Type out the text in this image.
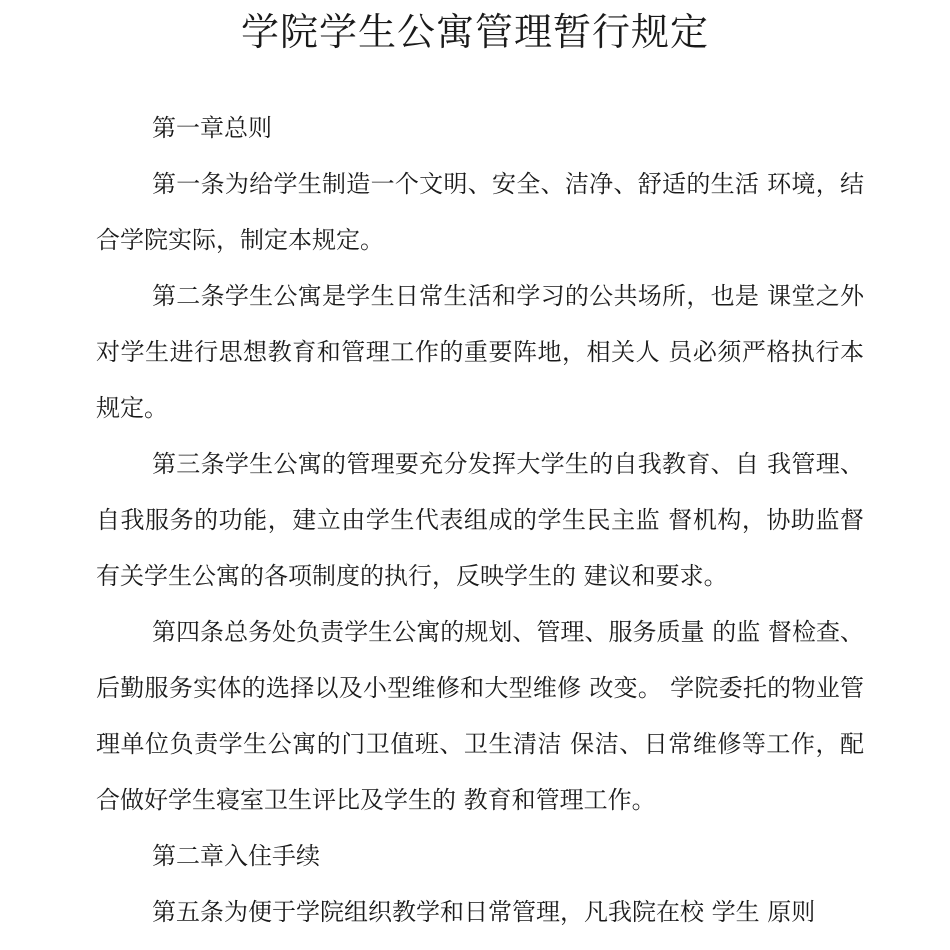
学院学生公寓管理暂行规定

第一章总则

第一条为给学生制造一个文明、安全、洁净、舒适的生活 环境，结合学院实际，制定本规定。

第二条学生公寓是学生日常生活和学习的公共场所，也是 课堂之外对学生进行思想教育和管理工作的重要阵地，相关人 员必须严格执行本规定。

第三条学生公寓的管理要充分发挥大学生的自我教育、自 我管理、自我服务的功能，建立由学生代表组成的学生民主监 督机构，协助监督有关学生公寓的各项制度的执行，反映学生的 建议和要求。

第四条总务处负责学生公寓的规划、管理、服务质量 的监 督检查、后勤服务实体的选择以及小型维修和大型维修 改变。 学院委托的物业管理单位负责学生公寓的门卫值班、卫生清洁 保洁、日常维修等工作，配合做好学生寝室卫生评比及学生的 教育和管理工作。

第二章入住手续

第五条为便于学院组织教学和日常管理，凡我院在校 学生 原则
